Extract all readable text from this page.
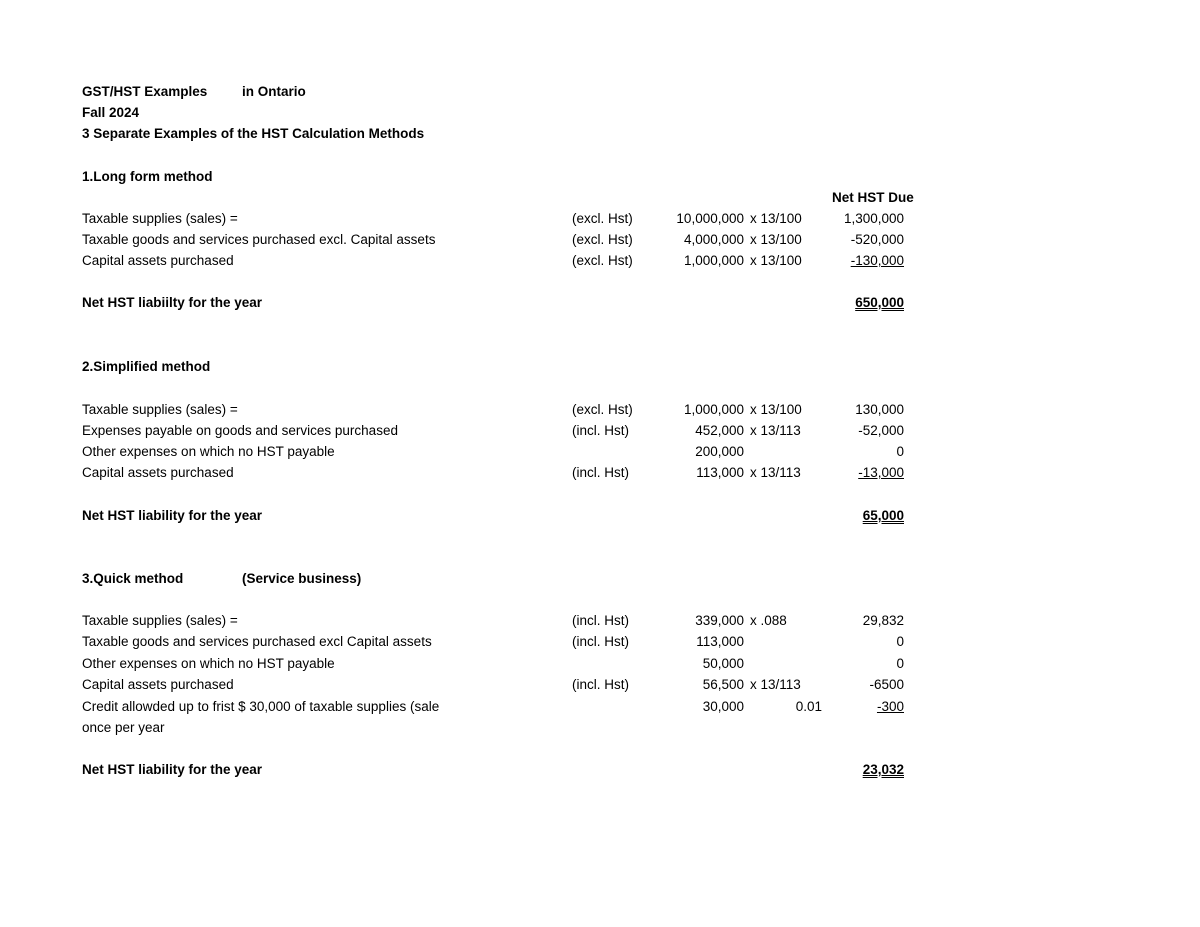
GST/HST Examples	in Ontario
Fall 2024
3 Separate Examples of the HST Calculation Methods
1.Long form method
Net HST Due
Taxable supplies (sales) =	(excl. Hst)	10,000,000 x 13/100	1,300,000
Taxable goods and services purchased excl. Capital assets	(excl. Hst)	4,000,000 x 13/100	-520,000
Capital assets purchased	(excl. Hst)	1,000,000 x 13/100	-130,000
Net HST liabiilty for the year	650,000
2.Simplified method
Taxable supplies (sales) =	(excl. Hst)	1,000,000 x 13/100	130,000
Expenses payable on goods and services purchased	(incl. Hst)	452,000 x 13/113	-52,000
Other expenses on which no HST payable	200,000	0
Capital assets purchased	(incl. Hst)	113,000 x 13/113	-13,000
Net HST liability for the year	65,000
3.Quick method	(Service business)
Taxable supplies (sales) =	(incl. Hst)	339,000 x .088	29,832
Taxable goods and services purchased excl Capital assets	(incl. Hst)	113,000	0
Other expenses on which no HST payable	50,000	0
Capital assets purchased	(incl. Hst)	56,500 x 13/113	-6500
Credit allowded up to frist $ 30,000 of taxable supplies (sale
once per year
30,000	0.01	-300
Net HST liability for the year	23,032
